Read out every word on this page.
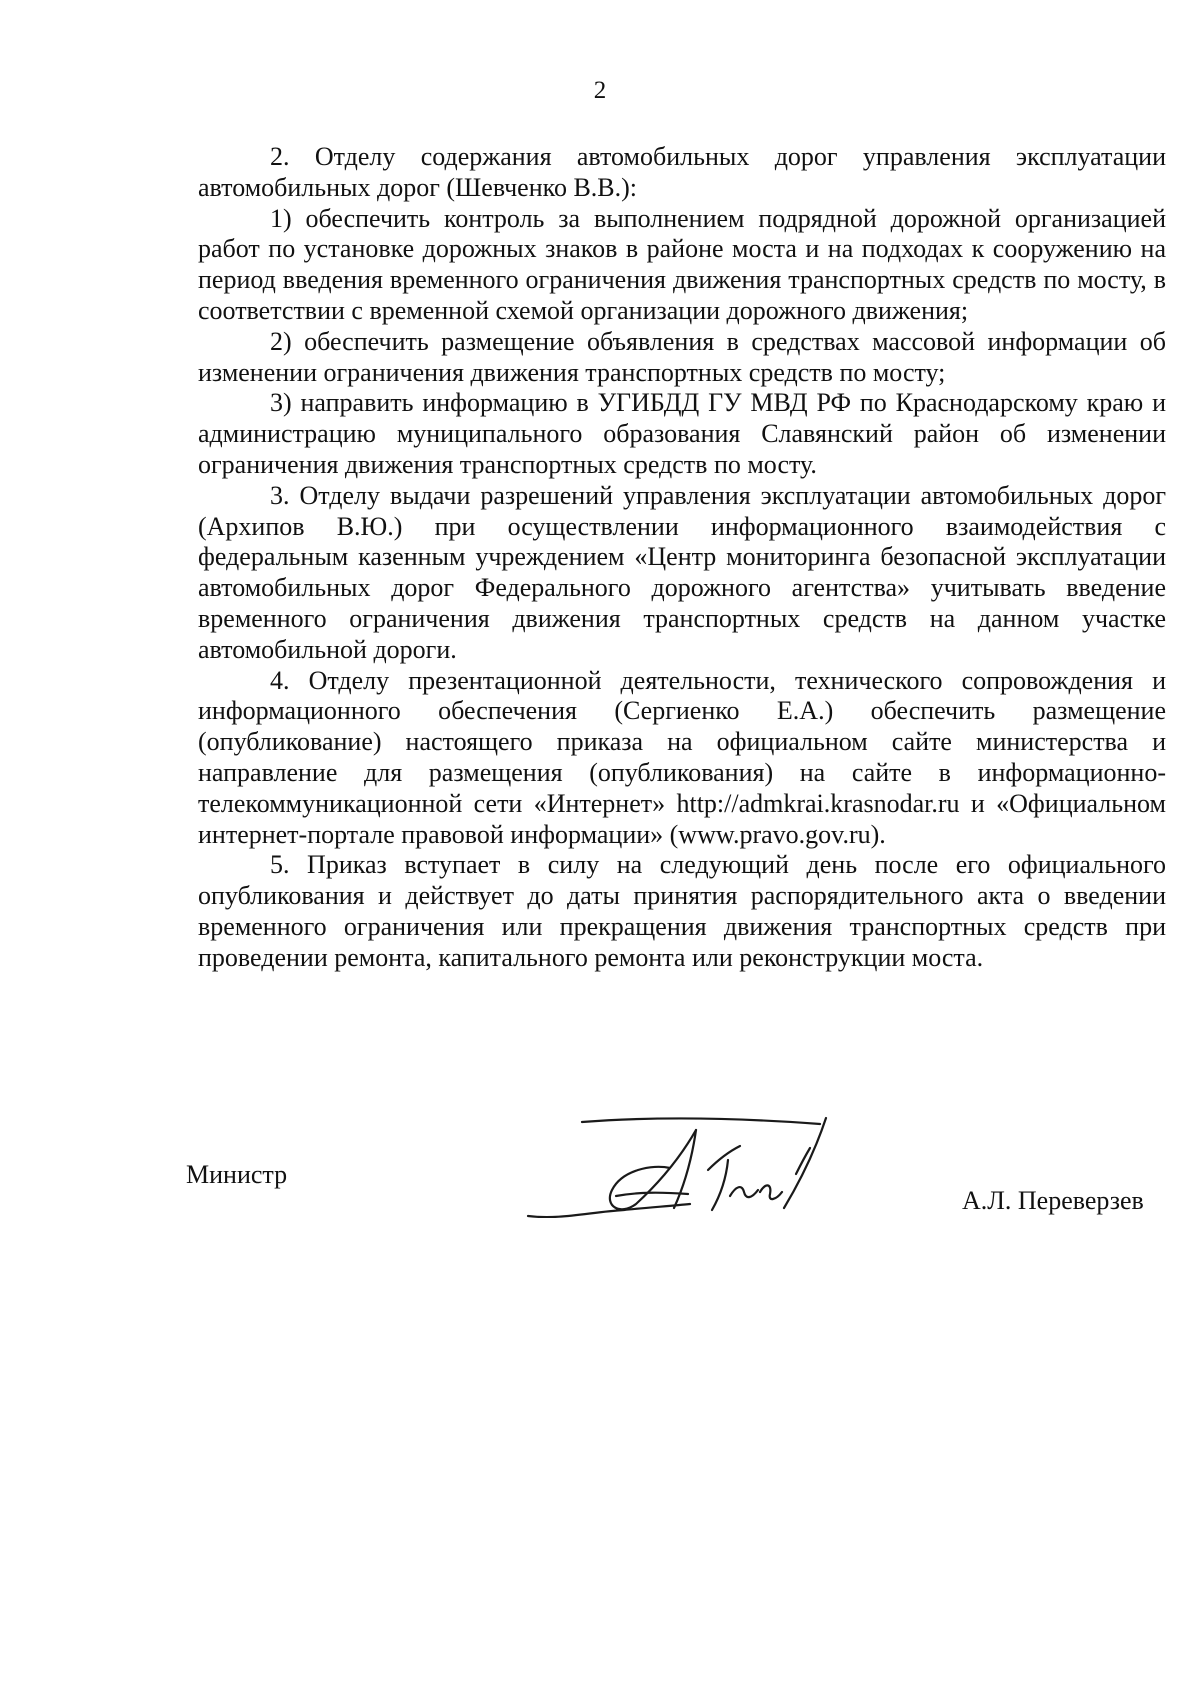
2

2. Отделу содержания автомобильных дорог управления эксплуатации автомобильных дорог (Шевченко В.В.):

1) обеспечить контроль за выполнением подрядной дорожной организацией работ по установке дорожных знаков в районе моста и на подходах к сооружению на период введения временного ограничения движения транспортных средств по мосту, в соответствии с временной схемой организации дорожного движения;

2) обеспечить размещение объявления в средствах массовой информации об изменении ограничения движения транспортных средств по мосту;

3) направить информацию в УГИБДД ГУ МВД РФ по Краснодарскому краю и администрацию муниципального образования Славянский район об изменении ограничения движения транспортных средств по мосту.

3. Отделу выдачи разрешений управления эксплуатации автомобильных дорог (Архипов В.Ю.) при осуществлении информационного взаимодействия с федеральным казенным учреждением «Центр мониторинга безопасной эксплуатации автомобильных дорог Федерального дорожного агентства» учитывать введение временного ограничения движения транспортных средств на данном участке автомобильной дороги.

4. Отделу презентационной деятельности, технического сопровождения и информационного обеспечения (Сергиенко Е.А.) обеспечить размещение (опубликование) настоящего приказа на официальном сайте министерства и направление для размещения (опубликования) на сайте в информационно-телекоммуникационной сети «Интернет» http://admkrai.krasnodar.ru и «Официальном интернет-портале правовой информации» (www.pravo.gov.ru).

5. Приказ вступает в силу на следующий день после его официального опубликования и действует до даты принятия распорядительного акта о введении временного ограничения или прекращения движения транспортных средств при проведении ремонта, капитального ремонта или реконструкции моста.

Министр
А.Л. Переверзев
